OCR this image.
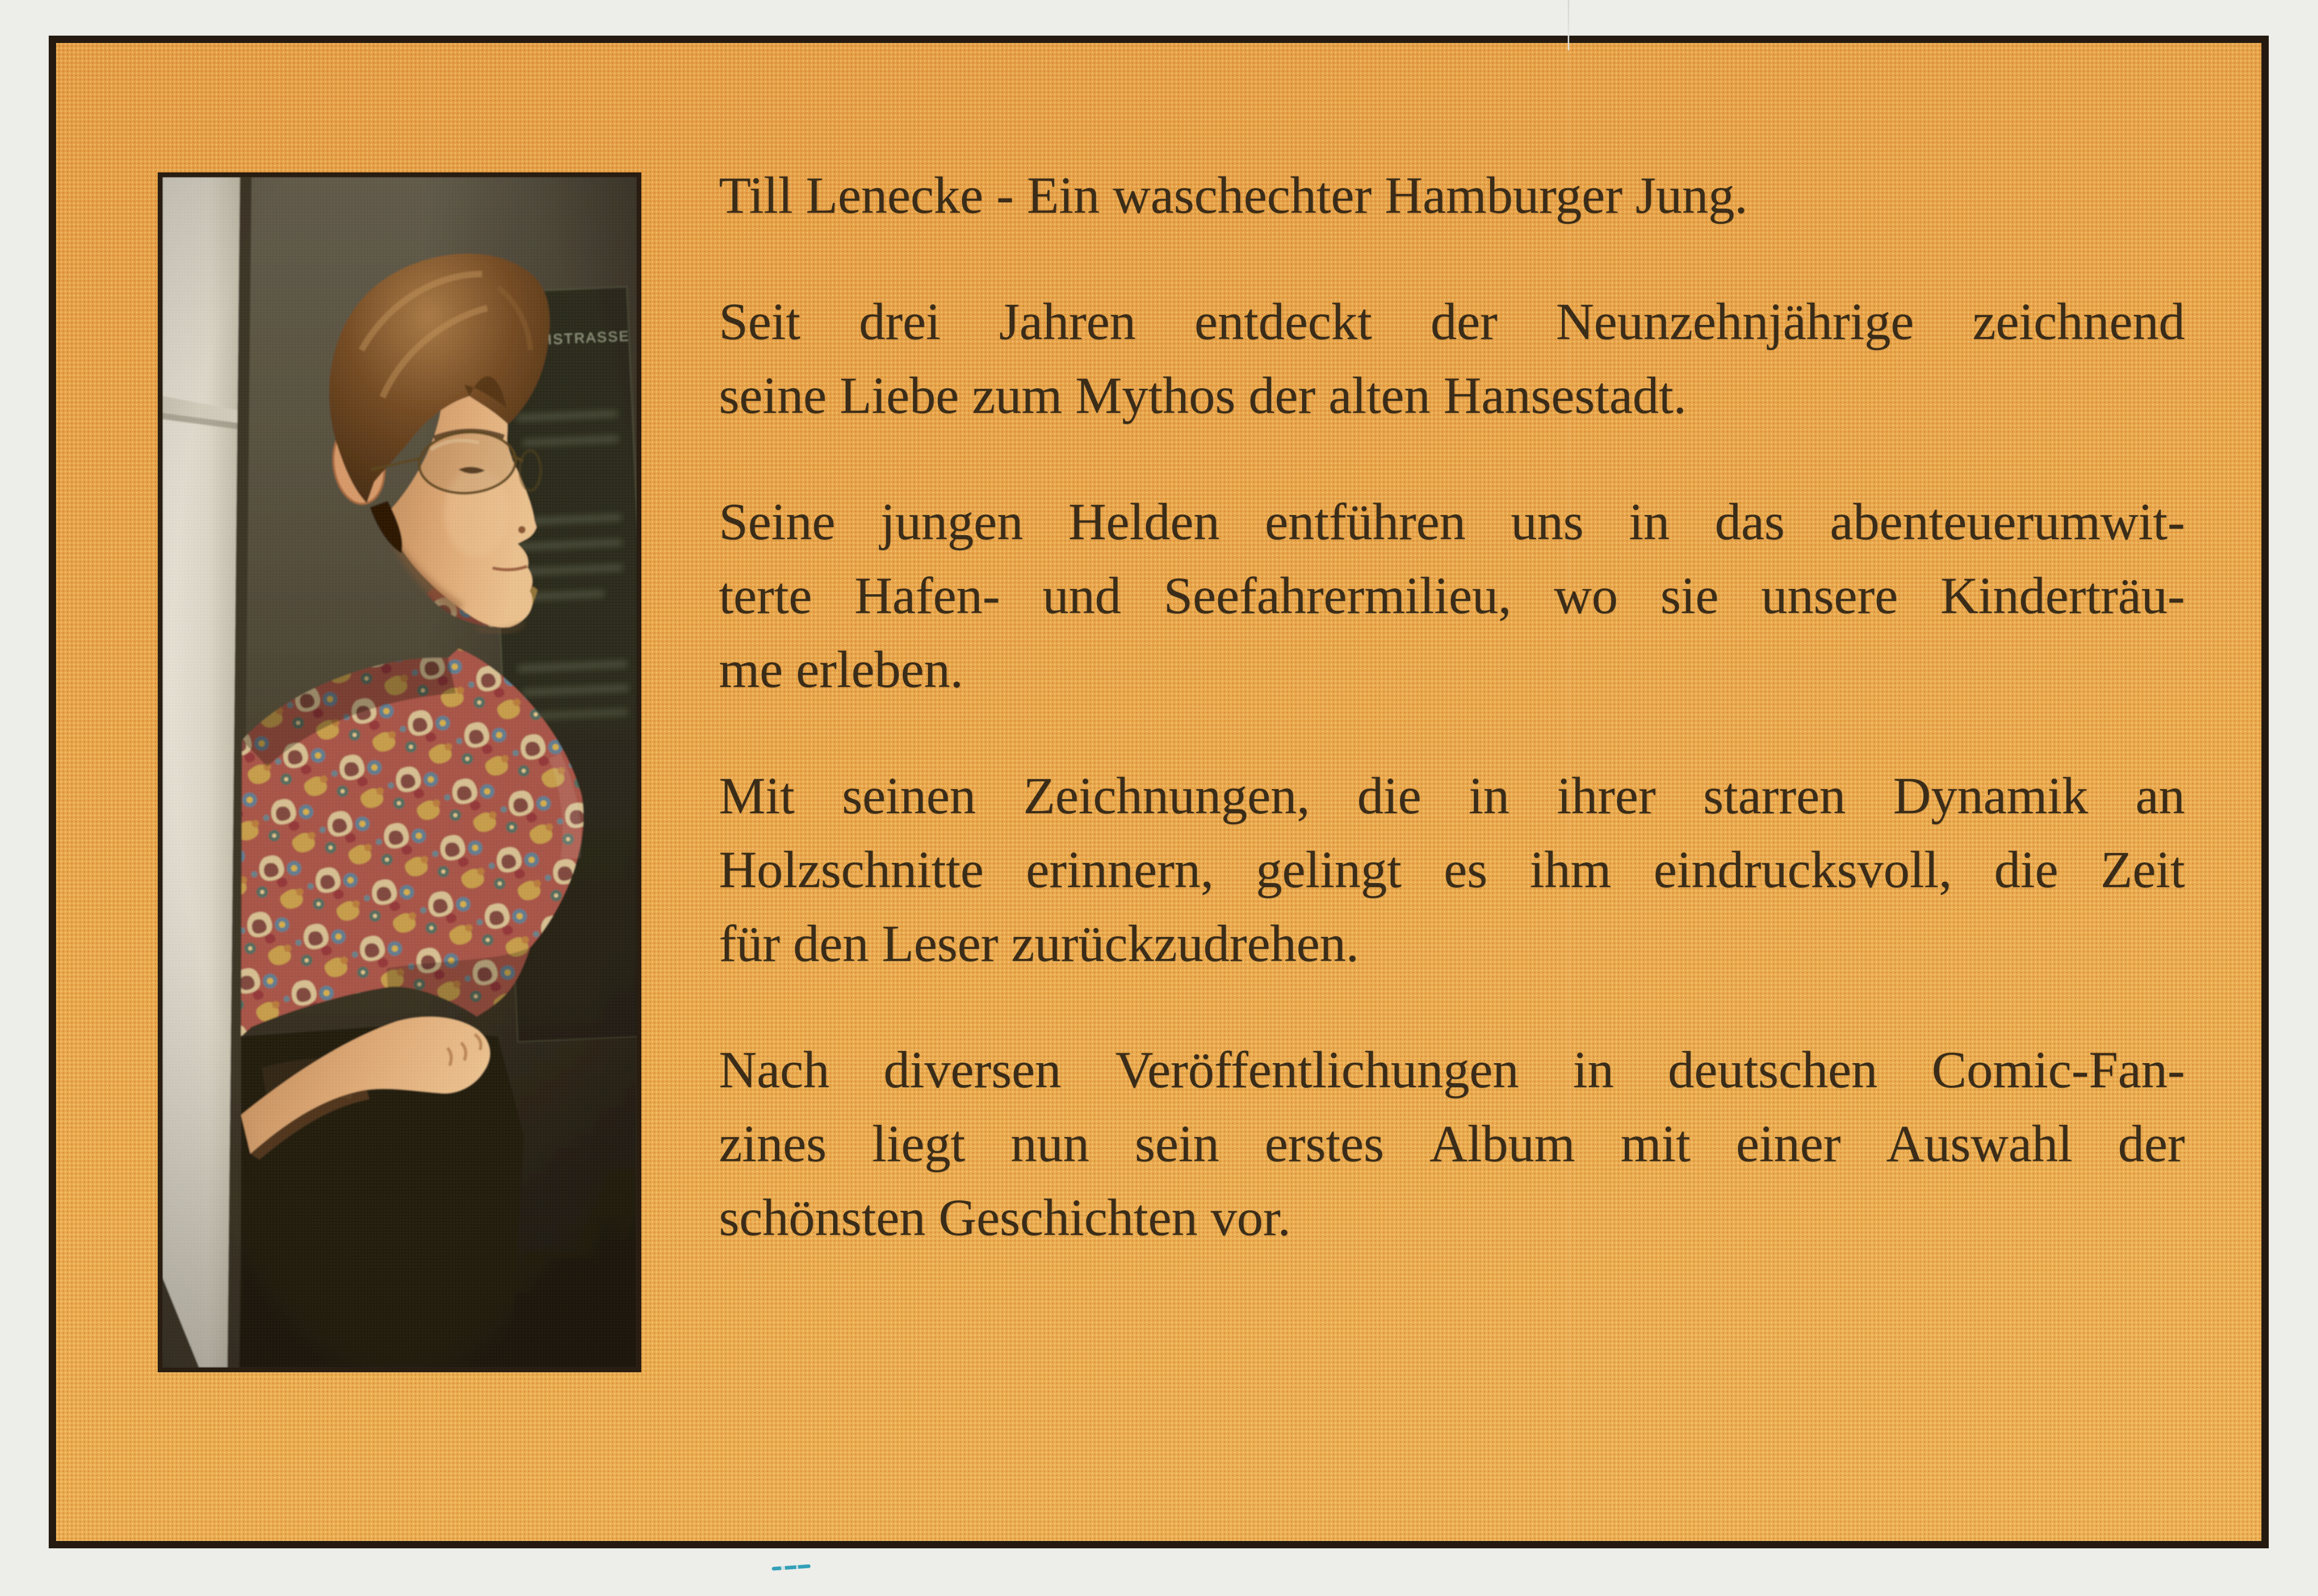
Till Lenecke - Ein waschechter Hamburger Jung.
Seit drei Jahren entdeckt der Neunzehnjährige zeichnend
seine Liebe zum Mythos der alten Hansestadt.
Seine jungen Helden entführen uns in das abenteuerumwit-
terte Hafen- und Seefahrermilieu, wo sie unsere Kinderträu-
me erleben.
Mit seinen Zeichnungen, die in ihrer starren Dynamik an
Holzschnitte erinnern, gelingt es ihm eindrucksvoll, die Zeit
für den Leser zurückzudrehen.
Nach diversen Veröffentlichungen in deutschen Comic-Fan-
zines liegt nun sein erstes Album mit einer Auswahl der
schönsten Geschichten vor.
